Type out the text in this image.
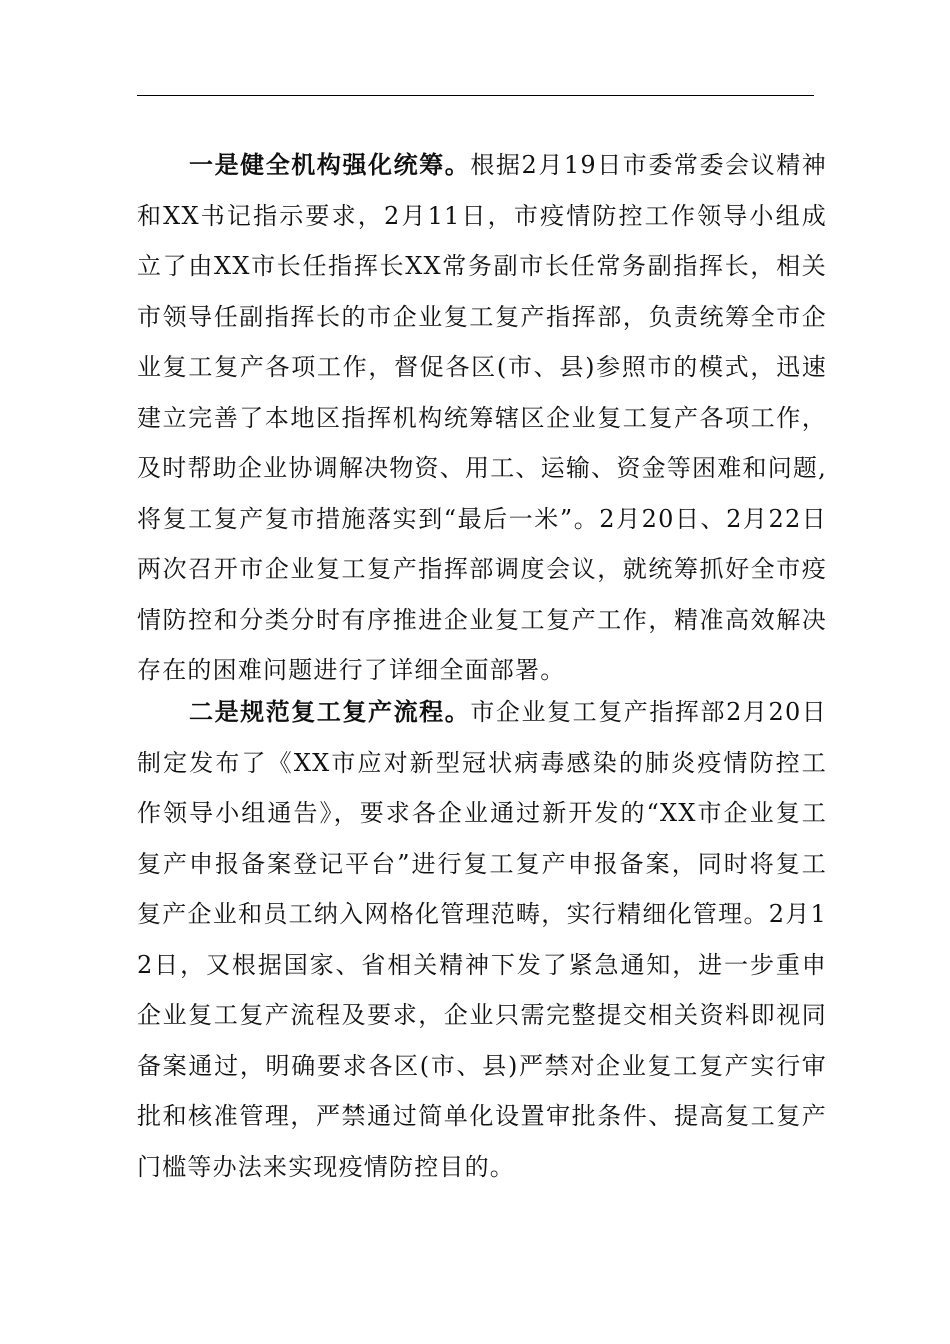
一是健全机构强化统筹。根据2月19日市委常委会议精神和XX书记指示要求，2月11日，市疫情防控工作领导小组成立了由XX市长任指挥长XX常务副市长任常务副指挥长，相关市领导任副指挥长的市企业复工复产指挥部，负责统筹全市企业复工复产各项工作，督促各区(市、县)参照市的模式，迅速建立完善了本地区指挥机构统筹辖区企业复工复产各项工作，及时帮助企业协调解决物资、用工、运输、资金等困难和问题,将复工复产复市措施落实到“最后一米”。2月20日、2月22日两次召开市企业复工复产指挥部调度会议，就统筹抓好全市疫情防控和分类分时有序推进企业复工复产工作，精准高效解决存在的困难问题进行了详细全面部署。

二是规范复工复产流程。市企业复工复产指挥部2月20日制定发布了《XX市应对新型冠状病毒感染的肺炎疫情防控工作领导小组通告》，要求各企业通过新开发的“XX市企业复工复产申报备案登记平台”进行复工复产申报备案，同时将复工复产企业和员工纳入网格化管理范畴，实行精细化管理。2月12日，又根据国家、省相关精神下发了紧急通知，进一步重申企业复工复产流程及要求，企业只需完整提交相关资料即视同备案通过，明确要求各区(市、县)严禁对企业复工复产实行审批和核准管理，严禁通过简单化设置审批条件、提高复工复产门槛等办法来实现疫情防控目的。
